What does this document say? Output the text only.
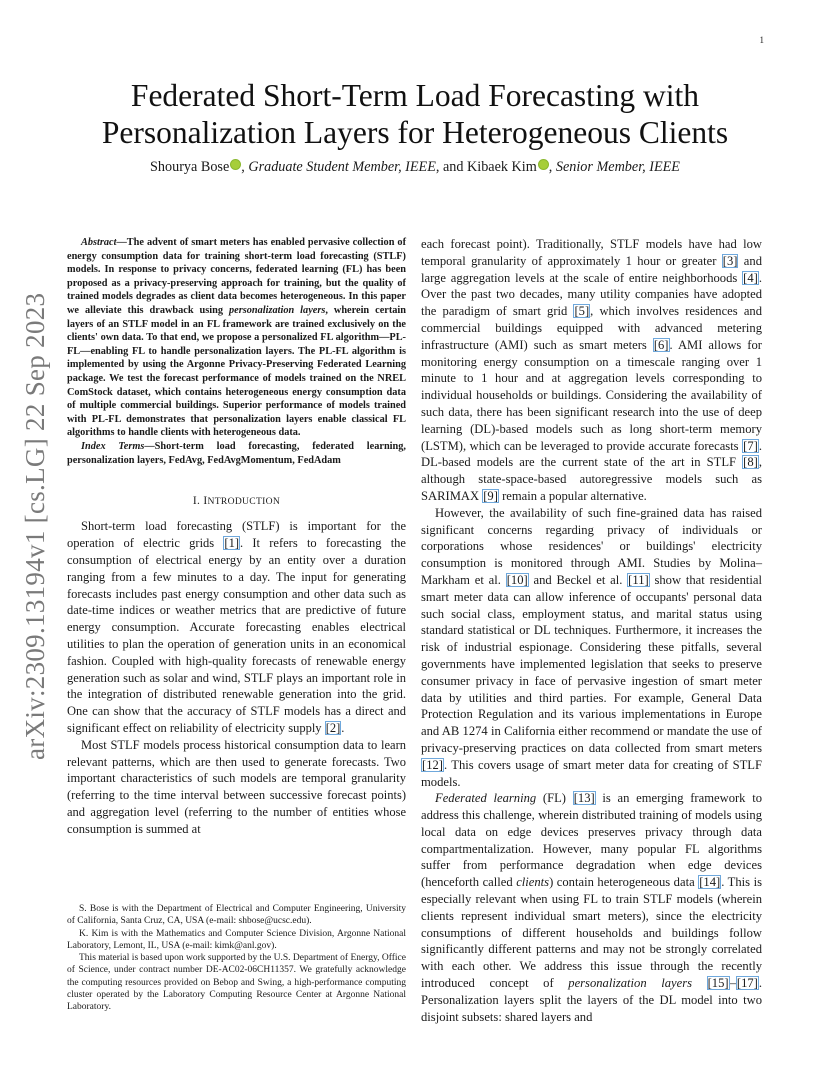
1
arXiv:2309.13194v1 [cs.LG] 22 Sep 2023
Federated Short-Term Load Forecasting with
Personalization Layers for Heterogeneous Clients
Shourya Bose , Graduate Student Member, IEEE, and Kibaek Kim , Senior Member, IEEE

Abstract—The advent of smart meters has enabled pervasive collection of energy consumption data for training short-term load forecasting (STLF) models. In response to privacy concerns, federated learning (FL) has been proposed as a privacy-preserving approach for training, but the quality of trained models degrades as client data becomes heterogeneous. In this paper we alleviate this drawback using personalization layers, wherein certain layers of an STLF model in an FL framework are trained exclusively on the clients' own data. To that end, we propose a personalized FL algorithm—PL-FL—enabling FL to handle personalization layers. The PL-FL algorithm is implemented by using the Argonne Privacy-Preserving Federated Learning package. We test the forecast performance of models trained on the NREL ComStock dataset, which contains heterogeneous energy consumption data of multiple commercial buildings. Superior performance of models trained with PL-FL demonstrates that personalization layers enable classical FL algorithms to handle clients with heterogeneous data.

Index Terms—Short-term load forecasting, federated learning, personalization layers, FedAvg, FedAvgMomentum, FedAdam

I. INTRODUCTION

Short-term load forecasting (STLF) is important for the operation of electric grids [1]. It refers to forecasting the consumption of electrical energy by an entity over a duration ranging from a few minutes to a day. The input for generating forecasts includes past energy consumption and other data such as date-time indices or weather metrics that are predictive of future energy consumption. Accurate forecasting enables electrical utilities to plan the operation of generation units in an economical fashion. Coupled with high-quality forecasts of renewable energy generation such as solar and wind, STLF plays an important role in the integration of distributed renewable generation into the grid. One can show that the accuracy of STLF models has a direct and significant effect on reliability of electricity supply [2].

Most STLF models process historical consumption data to learn relevant patterns, which are then used to generate forecasts. Two important characteristics of such models are temporal granularity (referring to the time interval between successive forecast points) and aggregation level (referring to the number of entities whose consumption is summed at

S. Bose is with the Department of Electrical and Computer Engineering, University of California, Santa Cruz, CA, USA (e-mail: shbose@ucsc.edu).

K. Kim is with the Mathematics and Computer Science Division, Argonne National Laboratory, Lemont, IL, USA (e-mail: kimk@anl.gov).

This material is based upon work supported by the U.S. Department of Energy, Office of Science, under contract number DE-AC02-06CH11357. We gratefully acknowledge the computing resources provided on Bebop and Swing, a high-performance computing cluster operated by the Laboratory Computing Resource Center at Argonne National Laboratory.

each forecast point). Traditionally, STLF models have had low temporal granularity of approximately 1 hour or greater [3] and large aggregation levels at the scale of entire neighborhoods [4]. Over the past two decades, many utility companies have adopted the paradigm of smart grid [5], which involves residences and commercial buildings equipped with advanced metering infrastructure (AMI) such as smart meters [6]. AMI allows for monitoring energy consumption on a timescale ranging over 1 minute to 1 hour and at aggregation levels corresponding to individual households or buildings. Considering the availability of such data, there has been significant research into the use of deep learning (DL)-based models such as long short-term memory (LSTM), which can be leveraged to provide accurate forecasts [7]. DL-based models are the current state of the art in STLF [8], although state-space-based autoregressive models such as SARIMAX [9] remain a popular alternative.

However, the availability of such fine-grained data has raised significant concerns regarding privacy of individuals or corporations whose residences' or buildings' electricity consumption is monitored through AMI. Studies by Molina–Markham et al. [10] and Beckel et al. [11] show that residential smart meter data can allow inference of occupants' personal data such social class, employment status, and marital status using standard statistical or DL techniques. Furthermore, it increases the risk of industrial espionage. Considering these pitfalls, several governments have implemented legislation that seeks to preserve consumer privacy in face of pervasive ingestion of smart meter data by utilities and third parties. For example, General Data Protection Regulation and its various implementations in Europe and AB 1274 in California either recommend or mandate the use of privacy-preserving practices on data collected from smart meters [12]. This covers usage of smart meter data for creating of STLF models.

Federated learning (FL) [13] is an emerging framework to address this challenge, wherein distributed training of models using local data on edge devices preserves privacy through data compartmentalization. However, many popular FL algorithms suffer from performance degradation when edge devices (henceforth called clients) contain heterogeneous data [14]. This is especially relevant when using FL to train STLF models (wherein clients represent individual smart meters), since the electricity consumptions of different households and buildings follow significantly different patterns and may not be strongly correlated with each other. We address this issue through the recently introduced concept of personalization layers [15]–[17]. Personalization layers split the layers of the DL model into two disjoint subsets: shared layers and
